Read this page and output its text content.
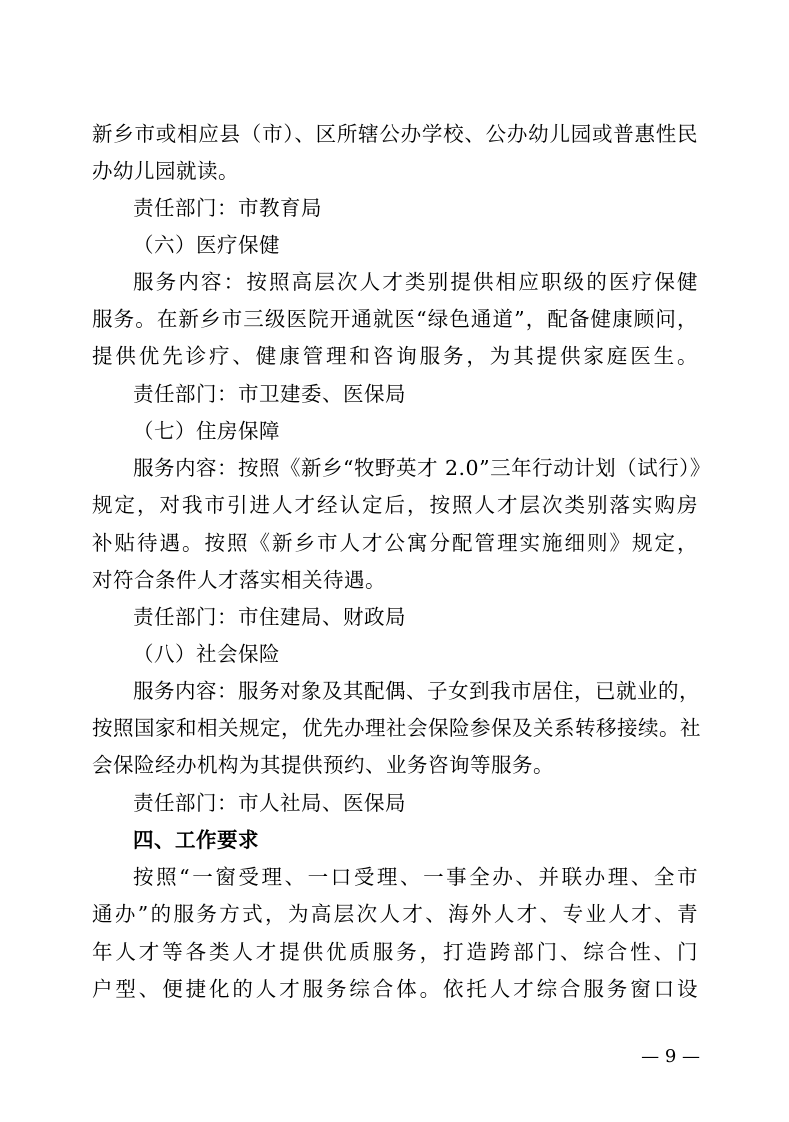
新乡市或相应县（市）、区所辖公办学校、公办幼儿园或普惠性民
办幼儿园就读。
责任部门：市教育局
（六）医疗保健
服务内容：按照高层次人才类别提供相应职级的医疗保健
服务。在新乡市三级医院开通就医“绿色通道”，配备健康顾问，
提供优先诊疗、健康管理和咨询服务，为其提供家庭医生。
责任部门：市卫建委、医保局
（七）住房保障
服务内容：按照《新乡“牧野英才 2.0”三年行动计划（试行）》
规定，对我市引进人才经认定后，按照人才层次类别落实购房
补贴待遇。按照《新乡市人才公寓分配管理实施细则》规定，
对符合条件人才落实相关待遇。
责任部门：市住建局、财政局
（八）社会保险
服务内容：服务对象及其配偶、子女到我市居住，已就业的，
按照国家和相关规定，优先办理社会保险参保及关系转移接续。社
会保险经办机构为其提供预约、业务咨询等服务。
责任部门：市人社局、医保局
四、工作要求
按照“一窗受理、一口受理、一事全办、并联办理、全市
通办”的服务方式，为高层次人才、海外人才、专业人才、青
年人才等各类人才提供优质服务，打造跨部门、综合性、门
户型、便捷化的人才服务综合体。依托人才综合服务窗口设
— 9 —
